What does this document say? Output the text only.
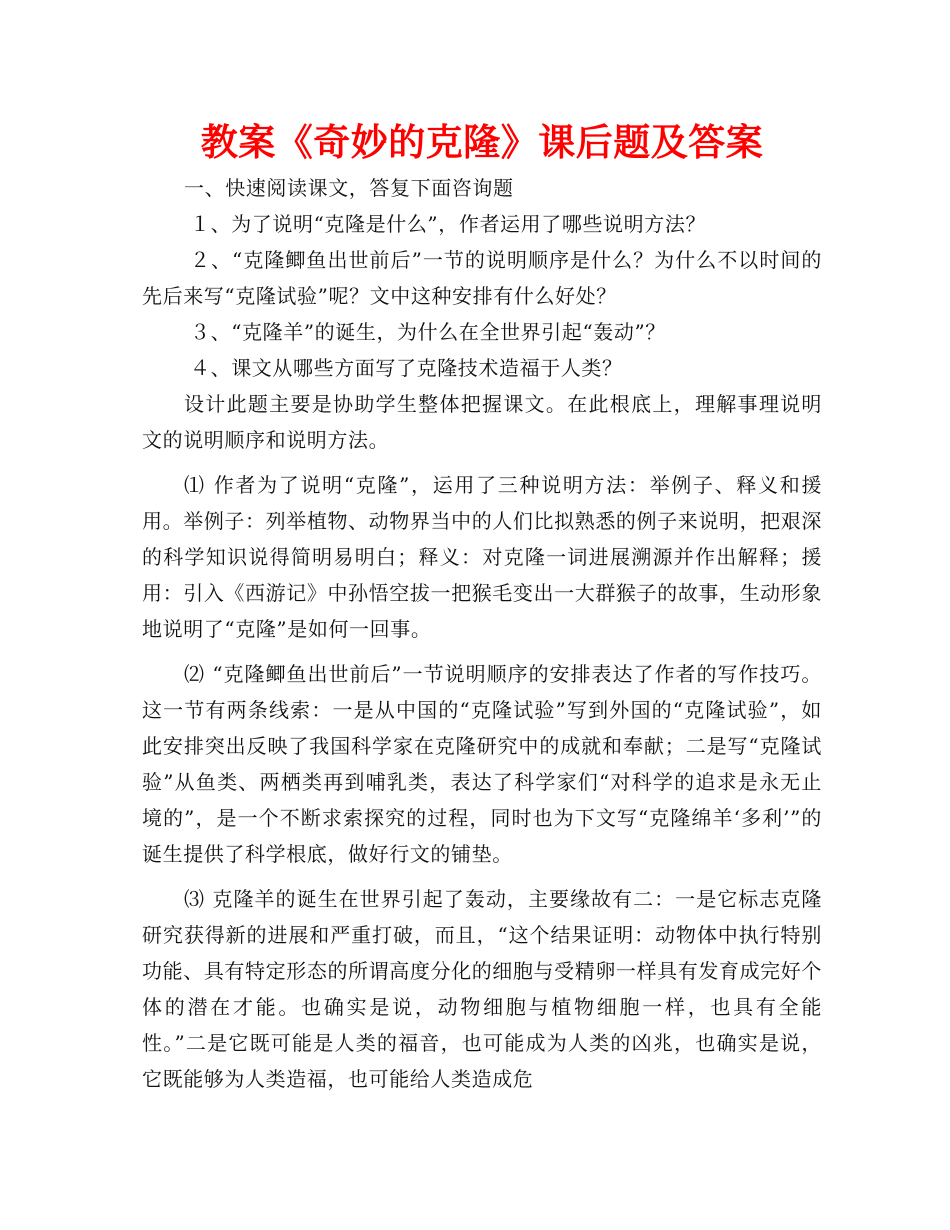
教案《奇妙的克隆》课后题及答案

一、快速阅读课文，答复下面咨询题

１、为了说明“克隆是什么”，作者运用了哪些说明方法？

２、“克隆鲫鱼出世前后”一节的说明顺序是什么？为什么不以时间的先后来写“克隆试验”呢？文中这种安排有什么好处？

３、“克隆羊”的诞生，为什么在全世界引起“轰动”？

４、课文从哪些方面写了克隆技术造福于人类？

设计此题主要是协助学生整体把握课文。在此根底上，理解事理说明文的说明顺序和说明方法。

⑴ 作者为了说明“克隆”，运用了三种说明方法：举例子、释义和援用。举例子：列举植物、动物界当中的人们比拟熟悉的例子来说明，把艰深的科学知识说得简明易明白；释义：对克隆一词进展溯源并作出解释；援用：引入《西游记》中孙悟空拔一把猴毛变出一大群猴子的故事，生动形象地说明了“克隆”是如何一回事。

⑵ “克隆鲫鱼出世前后”一节说明顺序的安排表达了作者的写作技巧。这一节有两条线索：一是从中国的“克隆试验”写到外国的“克隆试验”，如此安排突出反映了我国科学家在克隆研究中的成就和奉献；二是写“克隆试验”从鱼类、两栖类再到哺乳类，表达了科学家们“对科学的追求是永无止境的”，是一个不断求索探究的过程，同时也为下文写“克隆绵羊‘多利’”的诞生提供了科学根底，做好行文的铺垫。

⑶ 克隆羊的诞生在世界引起了轰动，主要缘故有二：一是它标志克隆研究获得新的进展和严重打破，而且，“这个结果证明：动物体中执行特别功能、具有特定形态的所谓高度分化的细胞与受精卵一样具有发育成完好个体的潜在才能。也确实是说，动物细胞与植物细胞一样，也具有全能性。”二是它既可能是人类的福音，也可能成为人类的凶兆，也确实是说，它既能够为人类造福，也可能给人类造成危
